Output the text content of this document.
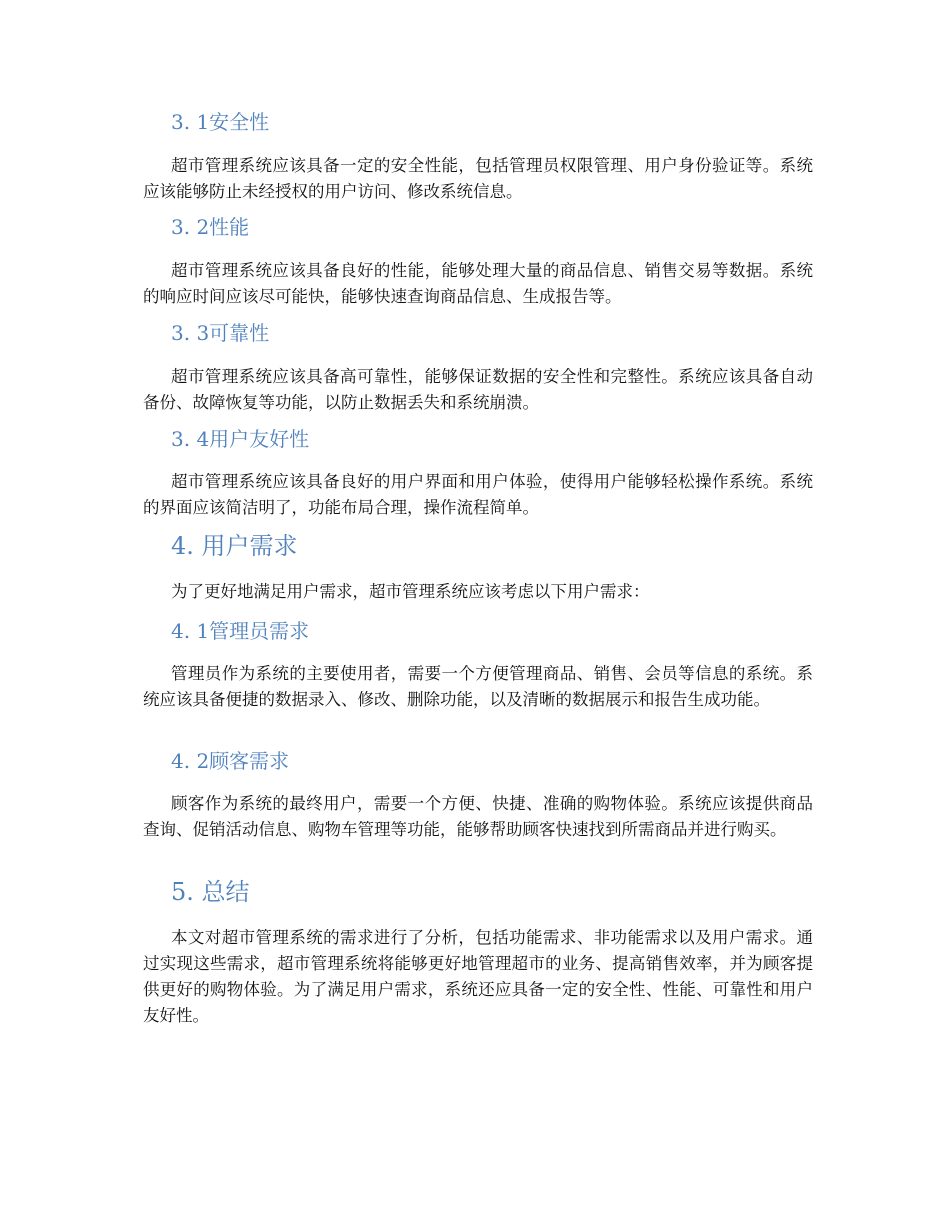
3. 1安全性
超市管理系统应该具备一定的安全性能，包括管理员权限管理、用户身份验证等。系统应该能够防止未经授权的用户访问、修改系统信息。
3. 2性能
超市管理系统应该具备良好的性能，能够处理大量的商品信息、销售交易等数据。系统的响应时间应该尽可能快，能够快速查询商品信息、生成报告等。
3. 3可靠性
超市管理系统应该具备高可靠性，能够保证数据的安全性和完整性。系统应该具备自动备份、故障恢复等功能，以防止数据丢失和系统崩溃。
3. 4用户友好性
超市管理系统应该具备良好的用户界面和用户体验，使得用户能够轻松操作系统。系统的界面应该简洁明了，功能布局合理，操作流程简单。
4. 用户需求
为了更好地满足用户需求，超市管理系统应该考虑以下用户需求：
4. 1管理员需求
管理员作为系统的主要使用者，需要一个方便管理商品、销售、会员等信息的系统。系统应该具备便捷的数据录入、修改、删除功能，以及清晰的数据展示和报告生成功能。
4. 2顾客需求
顾客作为系统的最终用户，需要一个方便、快捷、准确的购物体验。系统应该提供商品查询、促销活动信息、购物车管理等功能，能够帮助顾客快速找到所需商品并进行购买。
5. 总结
本文对超市管理系统的需求进行了分析，包括功能需求、非功能需求以及用户需求。通过实现这些需求，超市管理系统将能够更好地管理超市的业务、提高销售效率，并为顾客提供更好的购物体验。为了满足用户需求，系统还应具备一定的安全性、性能、可靠性和用户友好性。
